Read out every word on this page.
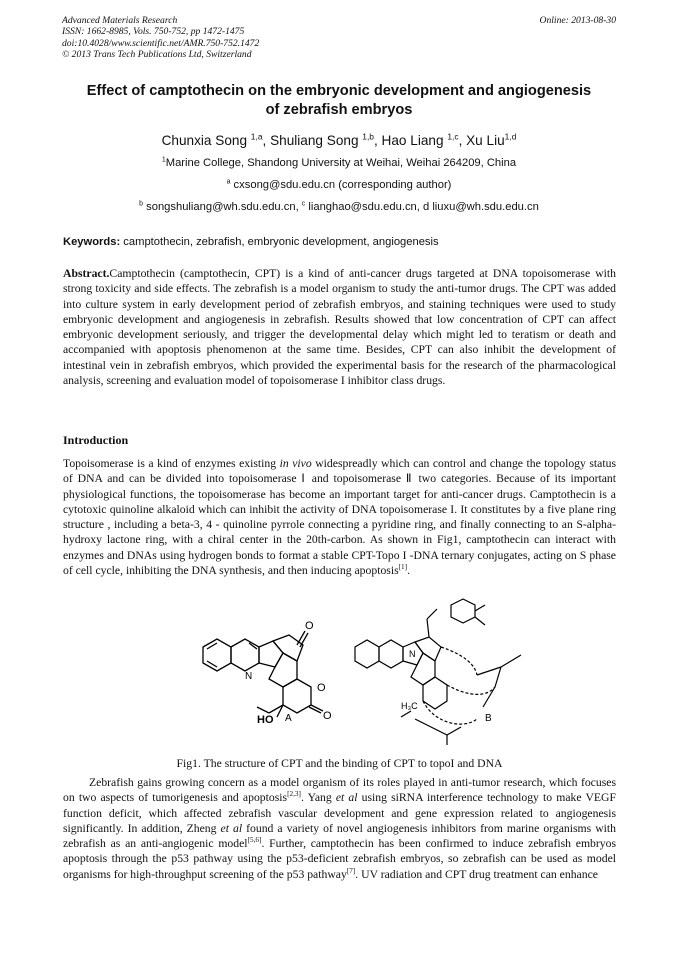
Advanced Materials Research
ISSN: 1662-8985, Vols. 750-752, pp 1472-1475
doi:10.4028/www.scientific.net/AMR.750-752.1472
© 2013 Trans Tech Publications Ltd, Switzerland
Online: 2013-08-30
Effect of camptothecin on the embryonic development and angiogenesis
of zebrafish embryos
Chunxia Song $^{1,a}$, Shuliang Song $^{1,b}$, Hao Liang $^{1,c}$, Xu Liu$^{1,d}$
$^1$Marine College, Shandong University at Weihai, Weihai 264209, China
$^a$ cxsong@sdu.edu.cn (corresponding author)
$^b$ songshuliang@wh.sdu.edu.cn, $^c$ lianghao@sdu.edu.cn, d liuxu@wh.sdu.edu.cn
Keywords: camptothecin, zebrafish, embryonic development, angiogenesis
Abstract.Camptothecin (camptothecin, CPT) is a kind of anti-cancer drugs targeted at DNA topoisomerase with strong toxicity and side effects. The zebrafish is a model organism to study the anti-tumor drugs. The CPT was added into culture system in early development period of zebrafish embryos, and staining techniques were used to study embryonic development and angiogenesis in zebrafish. Results showed that low concentration of CPT can affect embryonic development seriously, and trigger the developmental delay which might led to teratism or death and accompanied with apoptosis phenomenon at the same time. Besides, CPT can also inhibit the development of intestinal vein in zebrafish embryos, which provided the experimental basis for the research of the pharmacological analysis, screening and evaluation model of topoisomerase I inhibitor class drugs.
Introduction
Topoisomerase is a kind of enzymes existing in vivo widespreadly which can control and change the topology status of DNA and can be divided into topoisomerase Ⅰ and topoisomerase Ⅱ two categories. Because of its important physiological functions, the topoisomerase has become an important target for anti-cancer drugs. Camptothecin is a cytotoxic quinoline alkaloid which can inhibit the activity of DNA topoisomerase I. It constitutes by a five plane ring structure , including a beta-3, 4 - quinoline pyrrole connecting a pyridine ring, and finally connecting to an S-alpha-hydroxy lactone ring, with a chiral center in the 20th-carbon. As shown in Fig1, camptothecin can interact with enzymes and DNAs using hydrogen bonds to format a stable CPT-Topo I -DNA ternary conjugates, acting on S phase of cell cycle, inhibiting the DNA synthesis, and then inducing apoptosis[1].
O
O
O
HO
N
A
H₃C
N
B
Fig1. The structure of CPT and the binding of CPT to topoI and DNA
Zebrafish gains growing concern as a model organism of its roles played in anti-tumor research, which focuses on two aspects of tumorigenesis and apoptosis[2,3]. Yang et al using siRNA interference technology to make VEGF function deficit, which affected zebrafish vascular development and gene expression related to angiogenesis significantly. In addition, Zheng et al found a variety of novel angiogenesis inhibitors from marine organisms with zebrafish as an anti-angiogenic model[5,6]. Further, camptothecin has been confirmed to induce zebrafish embryos apoptosis through the p53 pathway using the p53-deficient zebrafish embryos, so zebrafish can be used as model organisms for high-throughput screening of the p53 pathway[7]. UV radiation and CPT drug treatment can enhance
